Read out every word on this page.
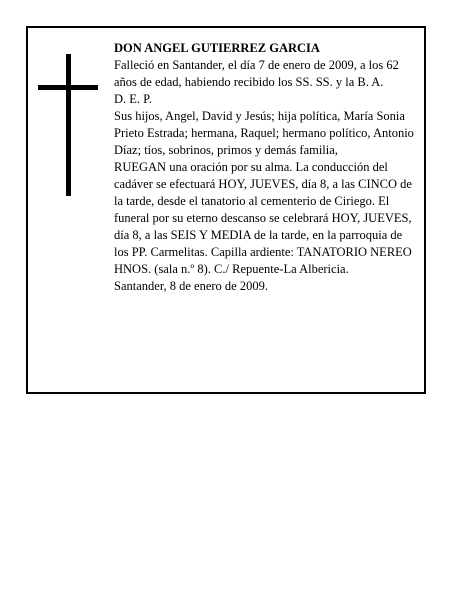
DON ANGEL GUTIERREZ GARCIA

Falleció en Santander, el día 7 de enero de 2009, a los 62 años de edad, habiendo recibido los SS. SS. y la B. A.

D. E. P.

Sus hijos, Angel, David y Jesús; hija política, María Sonia Prieto Estrada; hermana, Raquel; hermano político, Antonio Díaz; tíos, sobrinos, primos y demás familia,

RUEGAN una oración por su alma. La conducción del cadáver se efectuará HOY, JUEVES, día 8, a las CINCO de la tarde, desde el tanatorio al cementerio de Ciriego. El funeral por su eterno descanso se celebrará HOY, JUEVES, día 8, a las SEIS Y MEDIA de la tarde, en la parroquia de los PP. Carmelitas. Capilla ardiente: TANATORIO NEREO HNOS. (sala n.º 8). C./ Repuente-La Albericia.

Santander, 8 de enero de 2009.
